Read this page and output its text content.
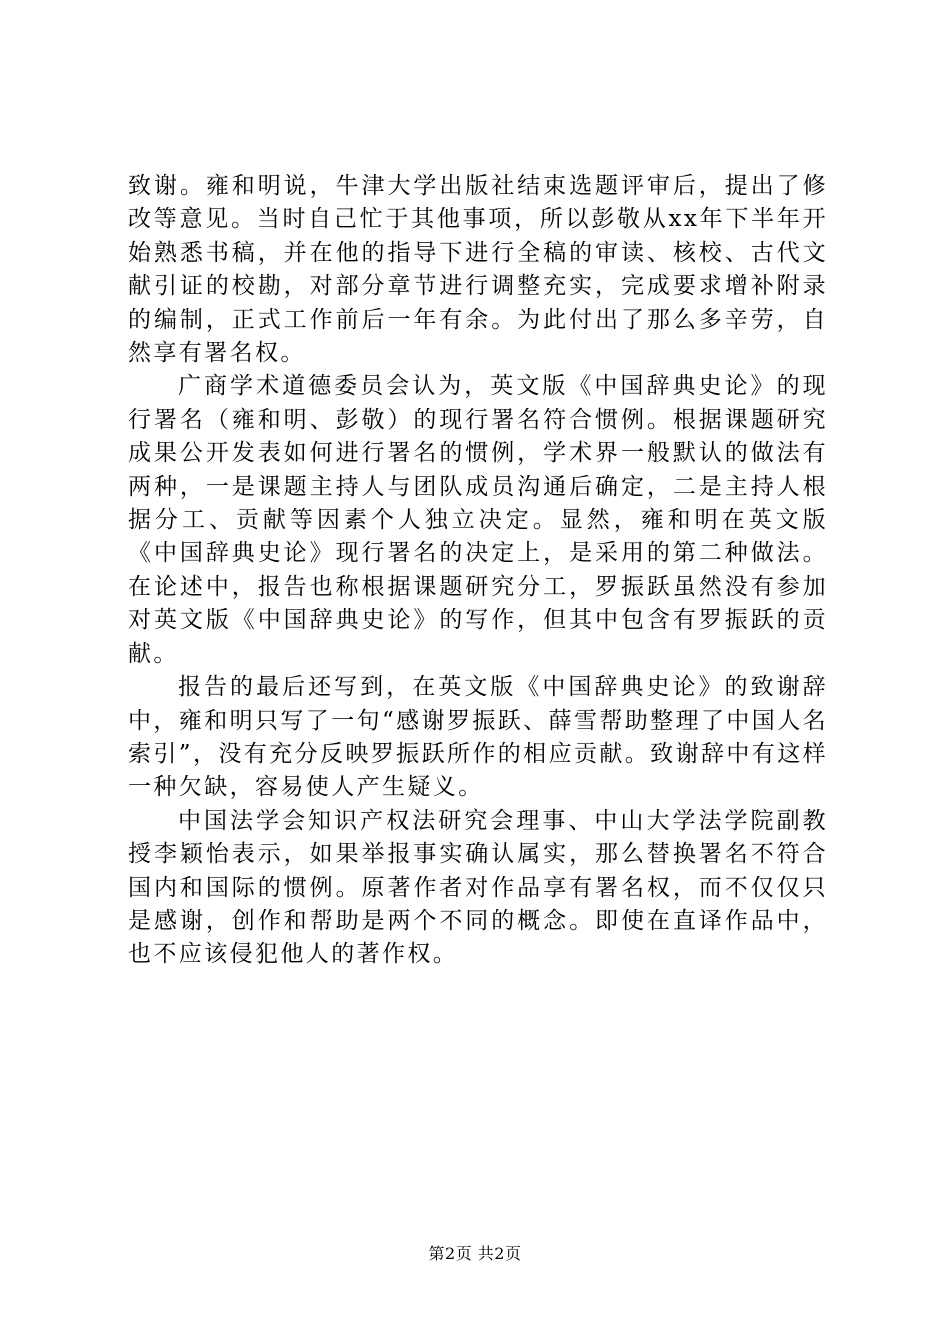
致谢。雍和明说，牛津大学出版社结束选题评审后，提出了修改等意见。当时自己忙于其他事项，所以彭敬从xx年下半年开始熟悉书稿，并在他的指导下进行全稿的审读、核校、古代文献引证的校勘，对部分章节进行调整充实，完成要求增补附录的编制，正式工作前后一年有余。为此付出了那么多辛劳，自然享有署名权。

广商学术道德委员会认为，英文版《中国辞典史论》的现行署名（雍和明、彭敬）的现行署名符合惯例。根据课题研究成果公开发表如何进行署名的惯例，学术界一般默认的做法有两种，一是课题主持人与团队成员沟通后确定，二是主持人根据分工、贡献等因素个人独立决定。显然，雍和明在英文版《中国辞典史论》现行署名的决定上，是采用的第二种做法。在论述中，报告也称根据课题研究分工，罗振跃虽然没有参加对英文版《中国辞典史论》的写作，但其中包含有罗振跃的贡献。

报告的最后还写到，在英文版《中国辞典史论》的致谢辞中，雍和明只写了一句“感谢罗振跃、薛雪帮助整理了中国人名索引”，没有充分反映罗振跃所作的相应贡献。致谢辞中有这样一种欠缺，容易使人产生疑义。

中国法学会知识产权法研究会理事、中山大学法学院副教授李颖怡表示，如果举报事实确认属实，那么替换署名不符合国内和国际的惯例。原著作者对作品享有署名权，而不仅仅只是感谢，创作和帮助是两个不同的概念。即使在直译作品中，也不应该侵犯他人的著作权。

第2页 共2页
